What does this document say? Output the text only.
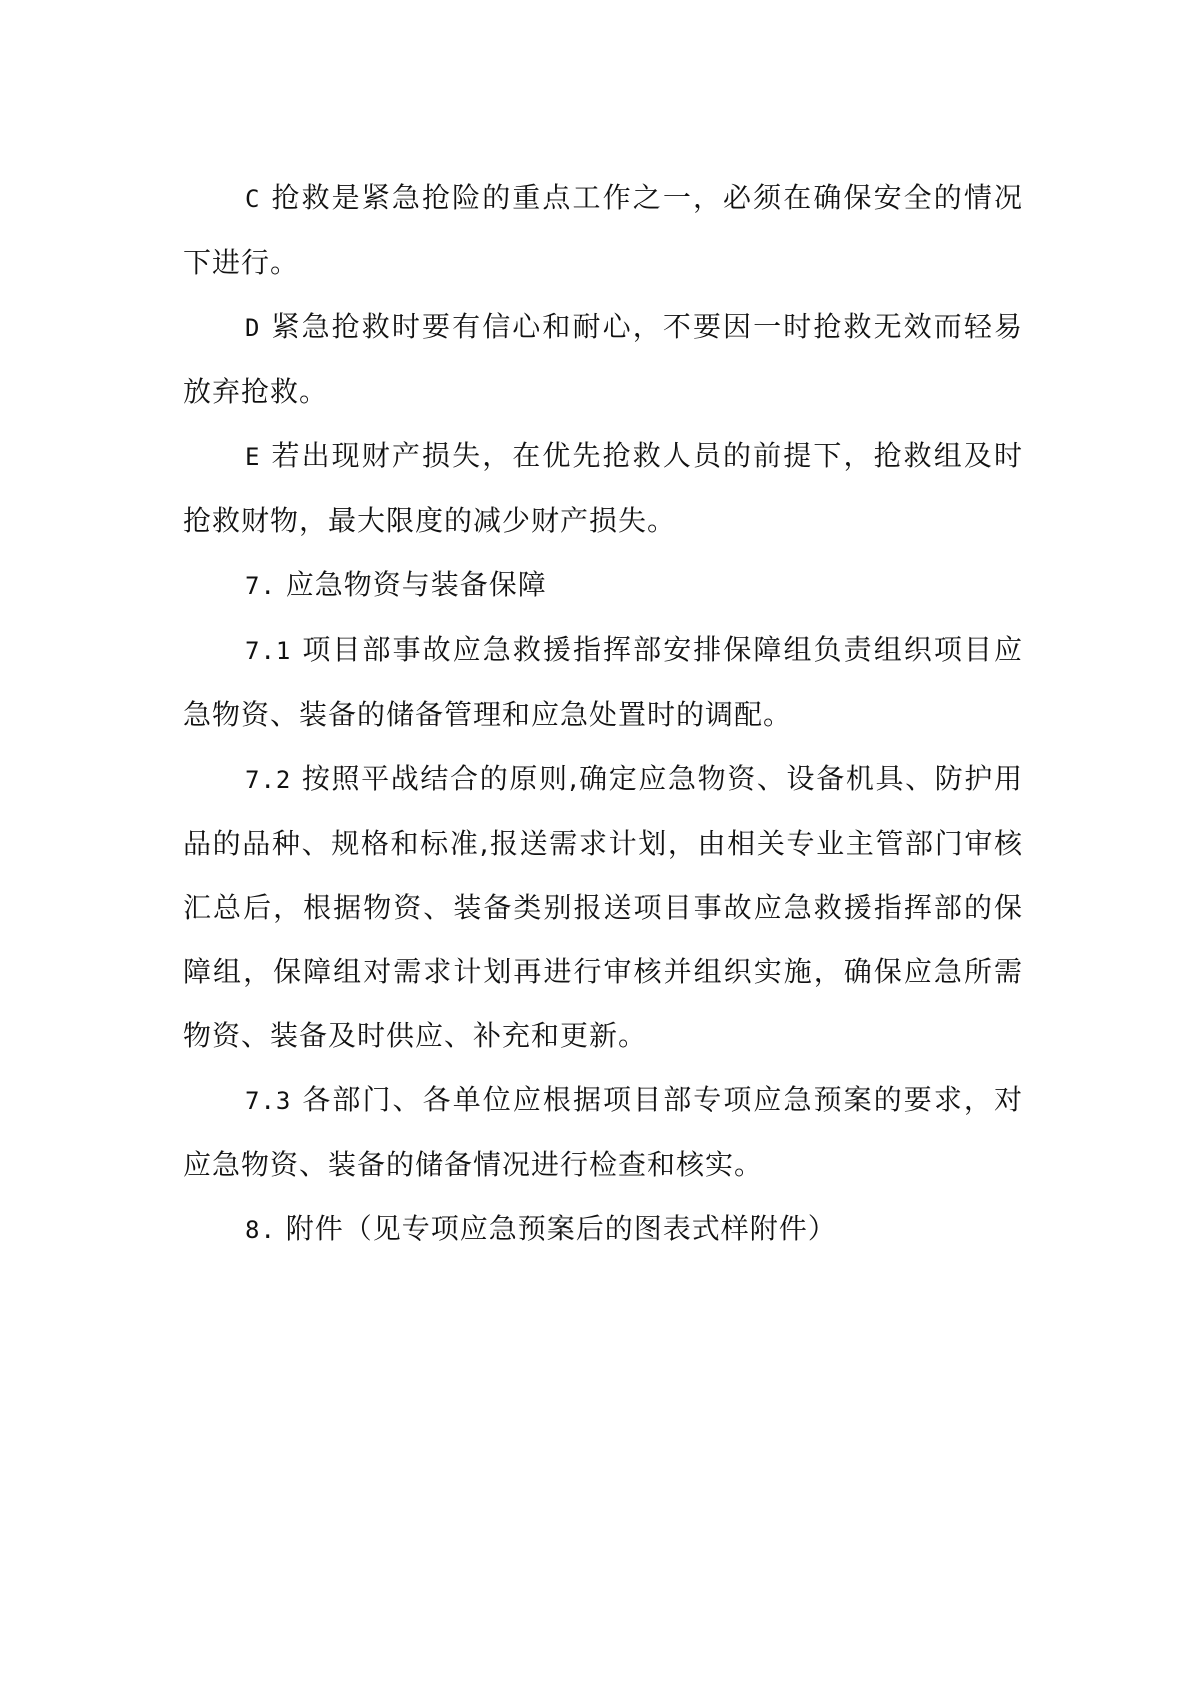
C 抢救是紧急抢险的重点工作之一，必须在确保安全的情况下进行。

D 紧急抢救时要有信心和耐心，不要因一时抢救无效而轻易放弃抢救。

E 若出现财产损失，在优先抢救人员的前提下，抢救组及时抢救财物，最大限度的减少财产损失。

7. 应急物资与装备保障

7.1 项目部事故应急救援指挥部安排保障组负责组织项目应急物资、装备的储备管理和应急处置时的调配。

7.2 按照平战结合的原则,确定应急物资、设备机具、防护用品的品种、规格和标准,报送需求计划，由相关专业主管部门审核汇总后，根据物资、装备类别报送项目事故应急救援指挥部的保障组，保障组对需求计划再进行审核并组织实施，确保应急所需物资、装备及时供应、补充和更新。

7.3 各部门、各单位应根据项目部专项应急预案的要求，对应急物资、装备的储备情况进行检查和核实。

8. 附件（见专项应急预案后的图表式样附件）
